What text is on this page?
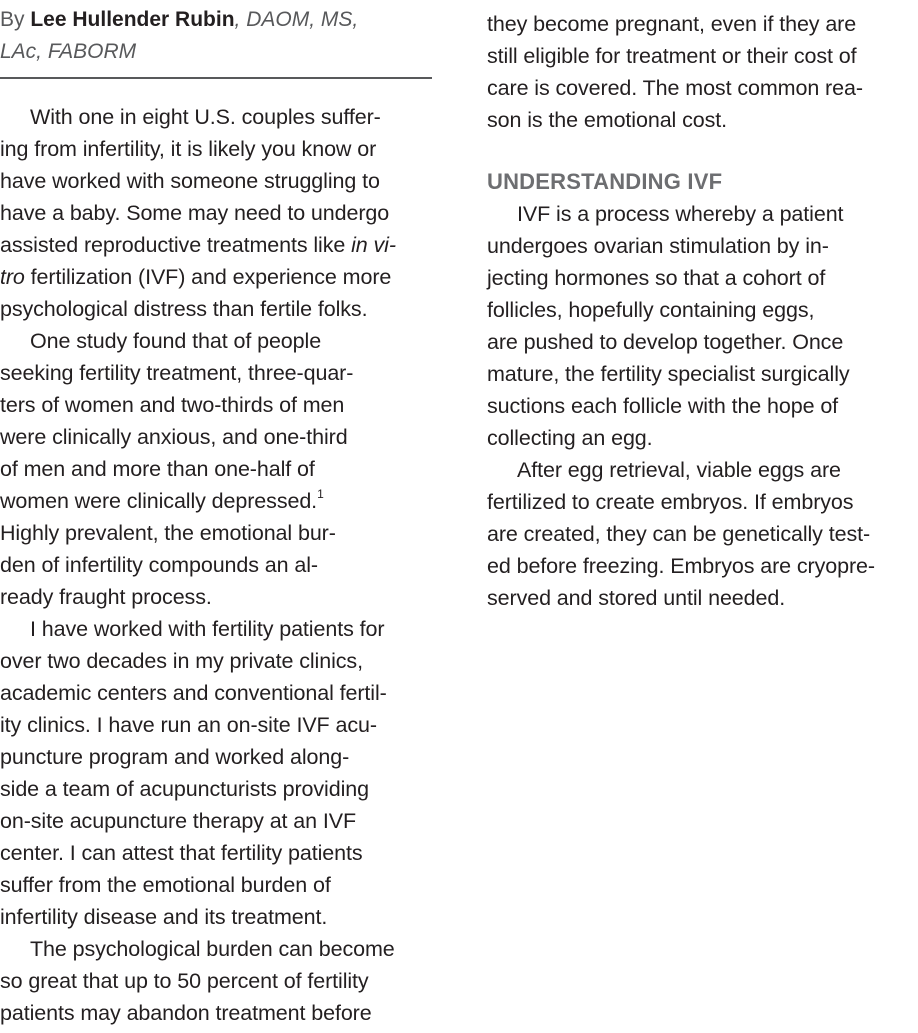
By Lee Hullender Rubin, DAOM, MS,
LAc, FABORM
With one in eight U.S. couples suffer-
ing from infertility, it is likely you know or
have worked with someone struggling to
have a baby. Some may need to undergo
assisted reproductive treatments like in vi-
tro fertilization (IVF) and experience more
psychological distress than fertile folks.
One study found that of people
seeking fertility treatment, three-quar-
ters of women and two-thirds of men
were clinically anxious, and one-third
of men and more than one-half of
women were clinically depressed.$^1$
Highly prevalent, the emotional bur-
den of infertility compounds an al-
ready fraught process.
I have worked with fertility patients for
over two decades in my private clinics,
academic centers and conventional fertil-
ity clinics. I have run an on-site IVF acu-
puncture program and worked along-
side a team of acupuncturists providing
on-site acupuncture therapy at an IVF
center. I can attest that fertility patients
suffer from the emotional burden of
infertility disease and its treatment.
The psychological burden can become
so great that up to 50 percent of fertility
patients may abandon treatment before
they become pregnant, even if they are
still eligible for treatment or their cost of
care is covered. The most common rea-
son is the emotional cost.
UNDERSTANDING IVF
IVF is a process whereby a patient
undergoes ovarian stimulation by in-
jecting hormones so that a cohort of
follicles, hopefully containing eggs,
are pushed to develop together. Once
mature, the fertility specialist surgically
suctions each follicle with the hope of
collecting an egg.
After egg retrieval, viable eggs are
fertilized to create embryos. If embryos
are created, they can be genetically test-
ed before freezing. Embryos are cryopre-
served and stored until needed.
